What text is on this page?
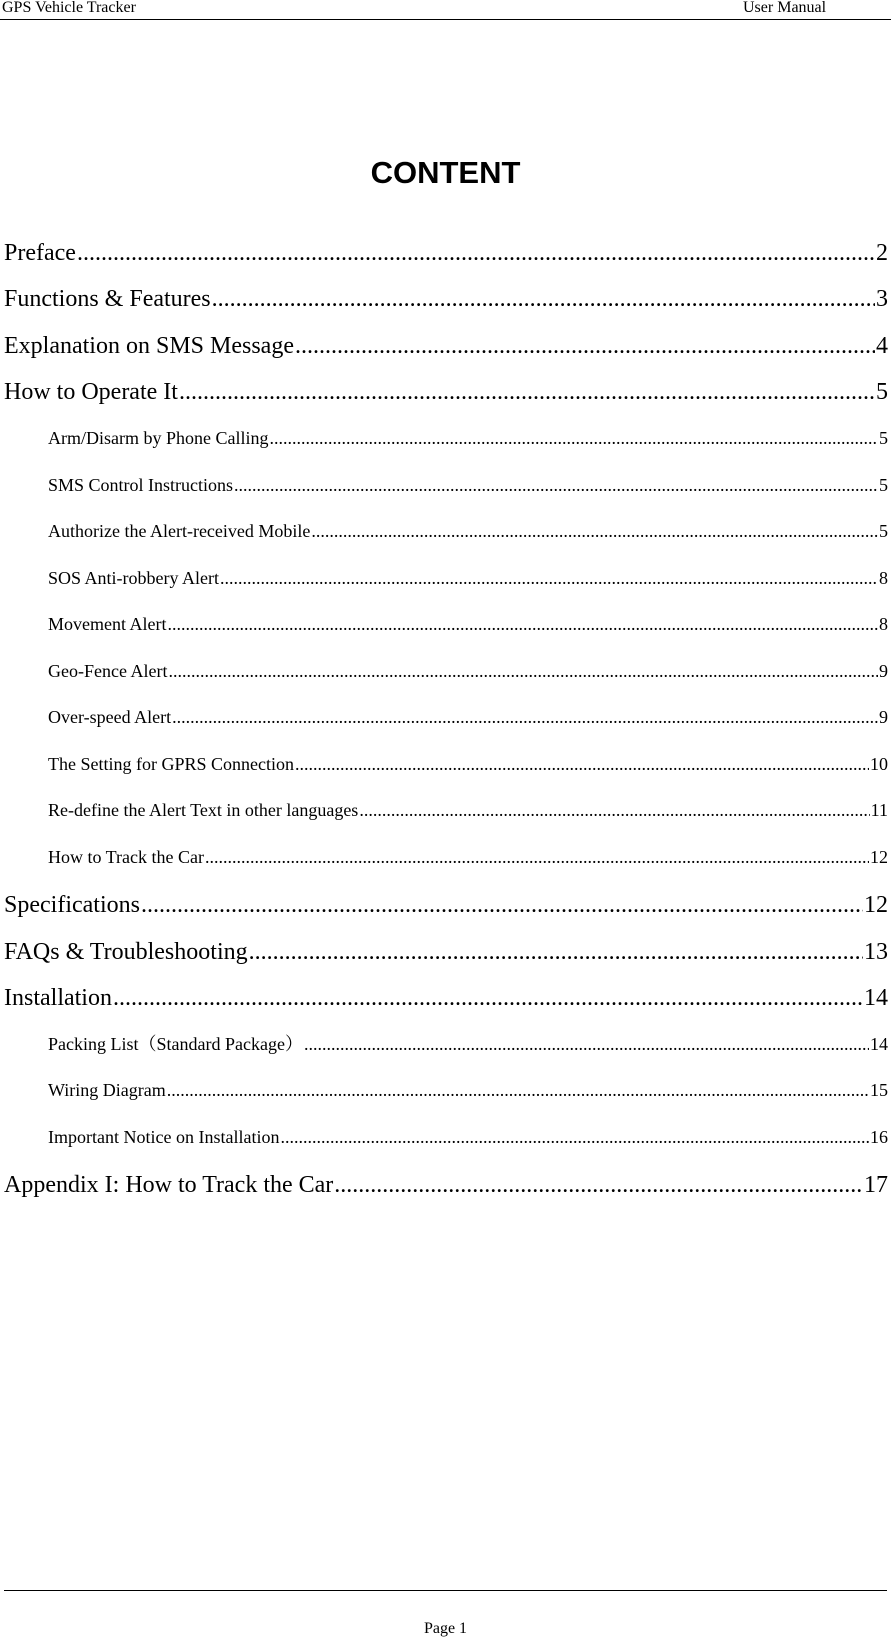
GPS Vehicle Tracker	User Manual
CONTENT
Preface .....	2
Functions & Features .....	3
Explanation on SMS Message .....	4
How to Operate It .....	5
Arm/Disarm by Phone Calling .....	5
SMS Control Instructions .....	5
Authorize the Alert-received Mobile .....	5
SOS Anti-robbery Alert .....	8
Movement Alert .....	8
Geo-Fence Alert .....	9
Over-speed Alert .....	9
The Setting for GPRS Connection .....	10
Re-define the Alert Text in other languages .....	11
How to Track the Car .....	12
Specifications .....	12
FAQs & Troubleshooting .....	13
Installation .....	14
Packing List（Standard Package） .....	14
Wiring Diagram .....	15
Important Notice on Installation .....	16
Appendix I: How to Track the Car .....	17
Page 1
